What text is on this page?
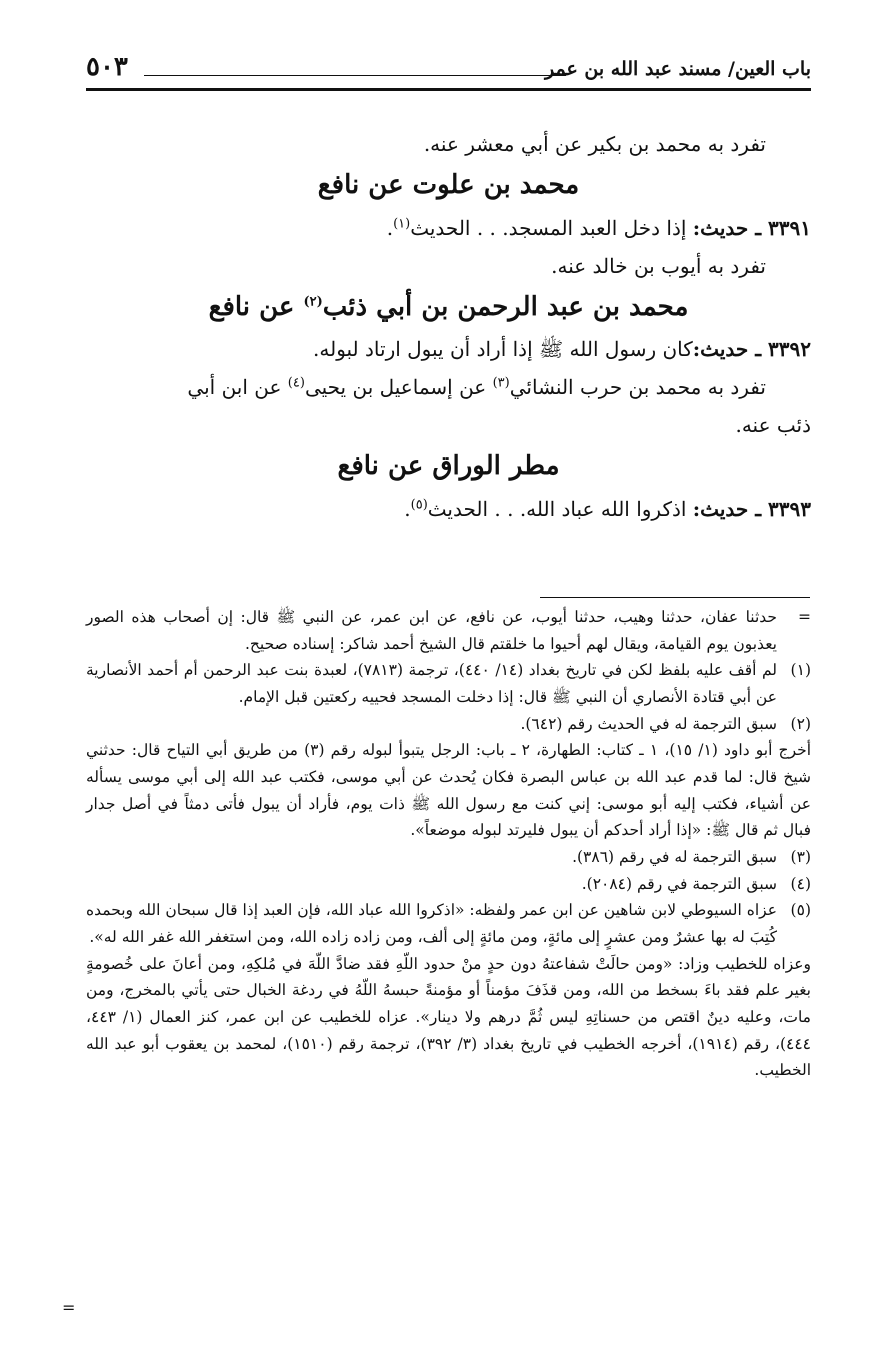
باب العين/ مسند عبد الله بن عمر
٥٠٣

تفرد به محمد بن بكير عن أبي معشر عنه.

محمد بن علوت عن نافع

٣٣٩١ ـ حديث: إذا دخل العبد المسجد. . . الحديث$^{(١)}$.

تفرد به أيوب بن خالد عنه.

محمد بن عبد الرحمن بن أبي ذئب$^{(٢)}$ عن نافع

٣٣٩٢ ـ حديث:كان رسول الله ﷺ إذا أراد أن يبول ارتاد لبوله.

تفرد به محمد بن حرب النشائي$^{(٣)}$ عن إسماعيل بن يحيى$^{(٤)}$ عن ابن أبي

ذئب عنه.

مطر الوراق عن نافع

٣٣٩٣ ـ حديث: اذكروا الله عباد الله. . . الحديث$^{(٥)}$.

=
حدثنا عفان، حدثنا وهيب، حدثنا أيوب، عن نافع، عن ابن عمر، عن النبي ﷺ قال: إن أصحاب هذه الصور يعذبون يوم القيامة، ويقال لهم أحيوا ما خلقتم قال الشيخ أحمد شاكر: إسناده صحيح.
(١)
لم أقف عليه بلفظ لكن في تاريخ بغداد (١٤/ ٤٤٠)، ترجمة (٧٨١٣)، لعبدة بنت عبد الرحمن أم أحمد الأنصارية عن أبي قتادة الأنصاري أن النبي ﷺ قال: إذا دخلت المسجد فحييه ركعتين قبل الإمام.
(٢)
سبق الترجمة له في الحديث رقم (٦٤٢).
أخرج أبو داود (١/ ١٥)، ١ ـ كتاب: الطهارة، ٢ ـ باب: الرجل يتبوأ لبوله رقم (٣) من طريق أبي التياح قال: حدثني شيخ قال: لما قدم عبد الله بن عباس البصرة فكان يُحدث عن أبي موسى، فكتب عبد الله إلى أبي موسى يسأله عن أشياء، فكتب إليه أبو موسى: إني كنت مع رسول الله ﷺ ذات يوم، فأراد أن يبول فأتى دمثاً في أصل جدار فبال ثم قال ﷺ: «إذا أراد أحدكم أن يبول فليرتد لبوله موضعاً».
(٣)
سبق الترجمة له في رقم (٣٨٦).
(٤)
سبق الترجمة في رقم (٢٠٨٤).
(٥)
عزاه السيوطي لابن شاهين عن ابن عمر ولفظه: «اذكروا الله عباد الله، فإن العبد إذا قال سبحان الله وبحمده كُتِبَ له بها عشرٌ ومن عشرٍ إلى مائةٍ، ومن مائةٍ إلى ألف، ومن زاده زاده الله، ومن استغفر الله غفر الله له».
وعزاه للخطيب وزاد: «ومن حالَتْ شفاعتهُ دون حدٍ منْ حدود اللّهِ فقد ضادَّ اللّهَ في مُلكِهِ، ومن أعانَ على خُصومةٍ بغير علم فقد باءَ بسخط من الله، ومن قذَفَ مؤمناً أو مؤمنةً حبسهُ اللّهُ في ردغة الخبال حتى يأتي بالمخرج، ومن مات، وعليه دينٌ اقتص من حسناتِهِ ليس ثُمَّ درهم ولا دينار». عزاه للخطيب عن ابن عمر، كنز العمال (١/ ٤٤٣، ٤٤٤)، رقم (١٩١٤)، أخرجه الخطيب في تاريخ بغداد (٣/ ٣٩٢)، ترجمة رقم (١٥١٠)، لمحمد بن يعقوب أبو عبد الله الخطيب.
=
